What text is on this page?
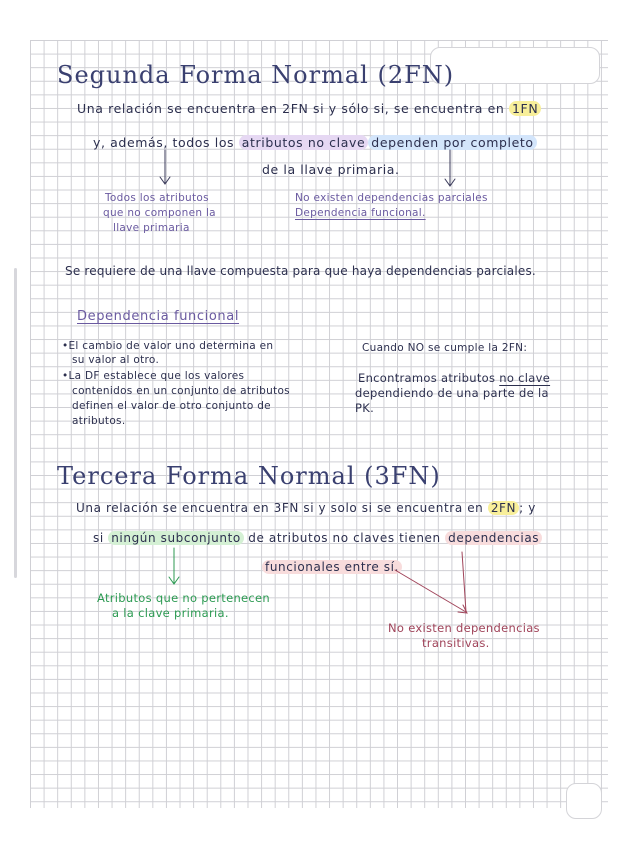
Segunda Forma Normal (2FN)
Una relación se encuentra en 2FN si y sólo si, se encuentra en 1FN
y, además, todos los atributos no clave dependen por completo
de la llave primaria.
Todos los atributos
que no componen la
llave primaria
No existen dependencias parciales
Dependencia funcional.
Se requiere de una llave compuesta para que haya dependencias parciales.
Dependencia funcional
•El cambio de valor uno determina en
su valor al otro.
•La DF establece que los valores
contenidos en un conjunto de atributos
definen el valor de otro conjunto de
atributos.
Cuando NO se cumple la 2FN:
Encontramos atributos no clave
dependiendo de una parte de la
PK.
Tercera Forma Normal (3FN)
Una relación se encuentra en 3FN si y solo si se encuentra en 2FN ; y
si ningún subconjunto de atributos no claves tienen dependencias
funcionales entre sí.
Atributos que no pertenecen
a la clave primaria.
No existen dependencias
transitivas.
